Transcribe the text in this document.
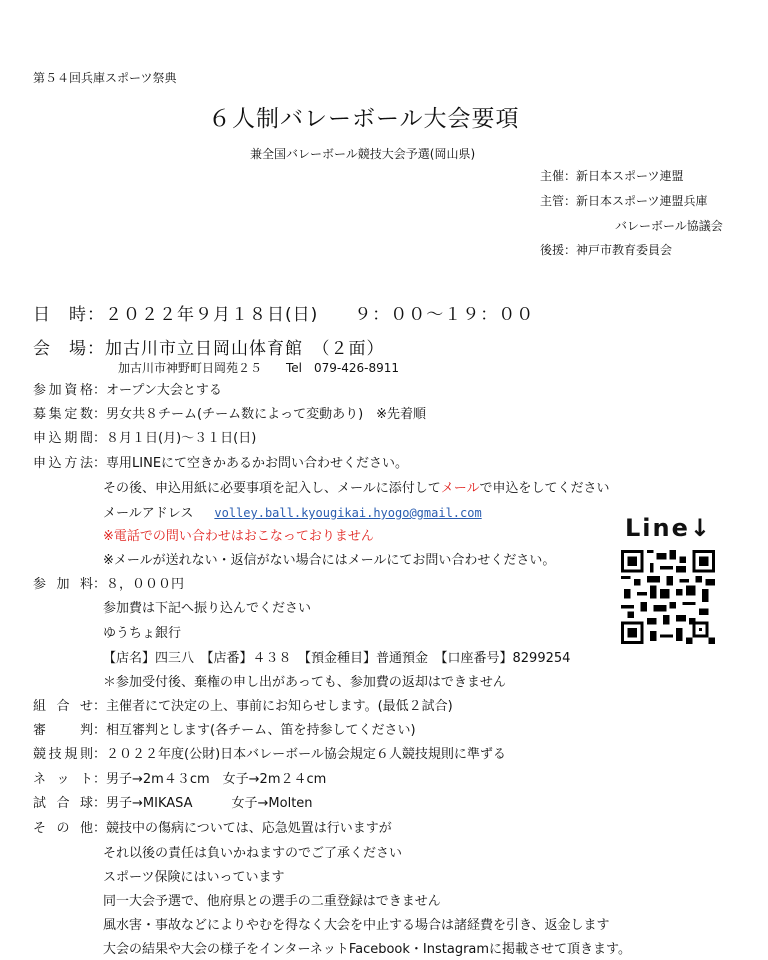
第５４回兵庫スポーツ祭典
６人制バレーボール大会要項
兼全国バレーボール競技大会予選(岡山県)
主催：新日本スポーツ連盟
主管：新日本スポーツ連盟兵庫
バレーボール協議会
後援：神戸市教育委員会
日　時：２０２２年９月１８日(日)　　９：００〜１９：００
会　場：加古川市立日岡山体育館　（２面）
加古川市神野町日岡苑２５　　Tel　079-426-8911
参加資格：オープン大会とする
募集定数：男女共８チーム(チーム数によって変動あり)　※先着順
申込期間：８月１日(月)〜３１日(日)
申込方法：専用LINEにて空きかあるかお問い合わせください。
その後、申込用紙に必要事項を記入し、メールに添付してメールで申込をしてください
メールアドレス　 volley.ball.kyougikai.hyogo@gmail.com
※電話での問い合わせはおこなっておりません
※メールが送れない・返信がない場合にはメールにてお問い合わせください。
Line↓
参 加 料：８，０００円
参加費は下記へ振り込んでください
ゆうちょ銀行
【店名】四三八　【店番】４３８　【預金種目】普通預金　【口座番号】8299254
＊参加受付後、棄権の申し出があっても、参加費の返却はできません
組 合 せ：主催者にて決定の上、事前にお知らせします。(最低２試合)
審　判：相互審判とします(各チーム、笛を持参してください)
競技規則：２０２２年度(公財)日本バレーボール協会規定６人競技規則に準ずる
ネ ッ ト：男子→2m４３cm　女子→2m２４cm
試 合 球：男子→MIKASA　　　女子→Molten
そ の 他：競技中の傷病については、応急処置は行いますが
それ以後の責任は負いかねますのでご了承ください
スポーツ保険にはいっています
同一大会予選で、他府県との選手の二重登録はできません
風水害・事故などによりやむを得なく大会を中止する場合は諸経費を引き、返金します
大会の結果や大会の様子をインターネットFacebook・Instagramに掲載させて頂きます。
